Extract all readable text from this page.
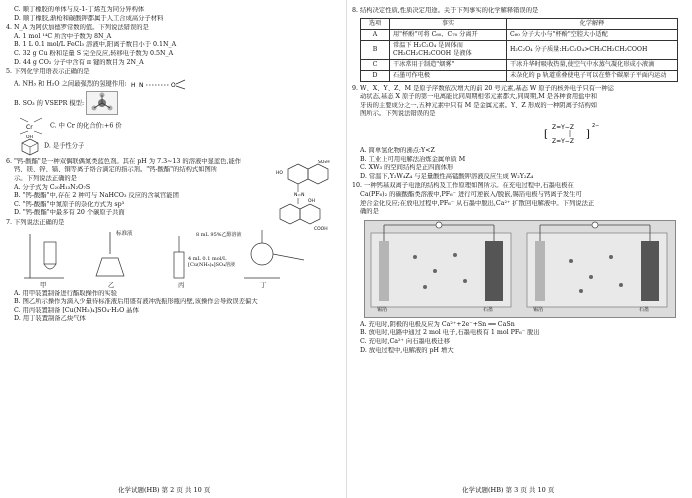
C. 顺丁橡胶的单体与反-1-丁烯互为同分异构体
D. 顺丁橡胶,渐枪和碳酸钾都属于人工合成高分子材料
4. N_A 为阿伏加德罗常数的值。下列说法错误的是
A. 1 mol ¹⁴C 所含中子数为 8N_A
B. 1 L 0.1 mol/L FeCl₃ 溶液中,阳离子数目小于 0.1N_A
C. 32 g Cu 粉和足量 S 完全反应,转移电子数为 0.5N_A
D. 44 g CO₂ 分子中含有 π 键的数目为 2N_A
5. 下列化学用语表示正确的是
A. NH₃ 和 H₂O 之间最强烈的氢键作用: H N	O
B. SO₃ 的 VSEPR 模型:
Cr	C. 中 Cr 的化合价:+6 价
OH
D. 是手性分子
6. "钙-酸酯"是一种双偶联偶氮类蓝色剂。其在 pH 为 7.3~13 的溶液中显蓝色,能作
钙、镁、锌、镉、铜等离子络合滴定的指示剂。"钙-酸酯"的结构式如图所
示。下列说法正确的是
A. 分子式为 C₂₀H₁₃N₂O₇S
B. "钙-酸酯"中,存在 2 种可与 NaHCO₃ 反应的含氧官能团
C. "钙-酸酯"中氮原子的杂化方式为 sp³
D. "钙-酸酯"中最多有 20 个碳原子共面
SO₃H
HO
N=N
OH
COOH
7. 下列说法正确的是
标准液	8 mL 95%乙醇溶液
4 mL 0.1 mol/L [Cu(NH₃)₄]SO₄溶液
甲	乙	丙	丁
A. 用甲装置制备进行酯取操作的实验
B. 图乙所示操作为滴入少量待标准液后用盛有液冲洗振形瓶内壁,该操作会导致误差偏大
C. 用丙装置制备 [Cu(NH₃)₄]SO₄·H₂O 晶体
D. 用丁装置制备乙炔气体
化学试题(HB) 第 2 页 共 10 页
8. 结构决定性质,性质决定用途。关于下列事实的化学解释错误的是
选项	事实	化学解释
A	用"杯酚"可将 C₆₀、C₇₀ 分离开	C₆₀ 分子大小与"杯酚"空腔大小适配
B	常温下 H₂C₂O₄ 是固体而 CH₃CH₂CH₂COOH 是液体	H₂C₂O₄ 分子质量:H₂C₂O₄>CH₃CH₂CH₂COOH
C	干冰常用于制造"烟雾"	干冰升华时吸收热量,使空气中水蒸气凝化形成小液滴
D	石墨可作电极	未杂化的 p 轨道重叠使电子可以在整个碳原子平面内运动
9. W、X、Y、Z、M 是原子序数依次增大的前 20 号元素,基态 W 原子的核外电子只有一种运
动状态,基态 X 原子的第一电离能比同周期相邻元素都大,同周期,M 是各种食用盐中和
牙齿的主要成分之一,五种元素中只有 M 是金属元素。Y、Z 形成的一种阴离子结构如
图所示。下列说法错误的是
[
Z=Y−Z
Z=Y−Z
]
2−
A. 简单氢化物的沸点:Y<Z
B. 工业上可用电解法冶炼金属单质 M
C. XW₃ 的空间结构是正四面体形
D. 常温下,Y₂W₄Z₄ 与足量酸性高锰酸钾溶液反应生成 W₂Y₂Z₄
10. 一种钙基双离子电池的结构及工作原理如图所示。在充电过程中,石墨电极在
Ca(PF₆)₂ 的碳酸酯类溶液中,PF₆⁻ 进行可逆嵌入/脱嵌,锡箔电极与钙离子发生可
逆合金化反应;在放电过程中,PF₆⁻ 从石墨中脱出,Ca²⁺ 扩散回电解液中。下列说法正
确的是
锡箔	石墨	锡箔	石墨
A. 充电时,阴极的电极反应为 Ca²⁺+2e⁻+Sn ══ CaSn
B. 放电时,电路中通过 2 mol 电子,石墨电极有 1 mol PF₆⁻ 脱出
C. 充电时,Ca²⁺ 向石墨电极迁移
D. 放电过程中,电解液的 pH 增大
化学试题(HB) 第 3 页 共 10 页
